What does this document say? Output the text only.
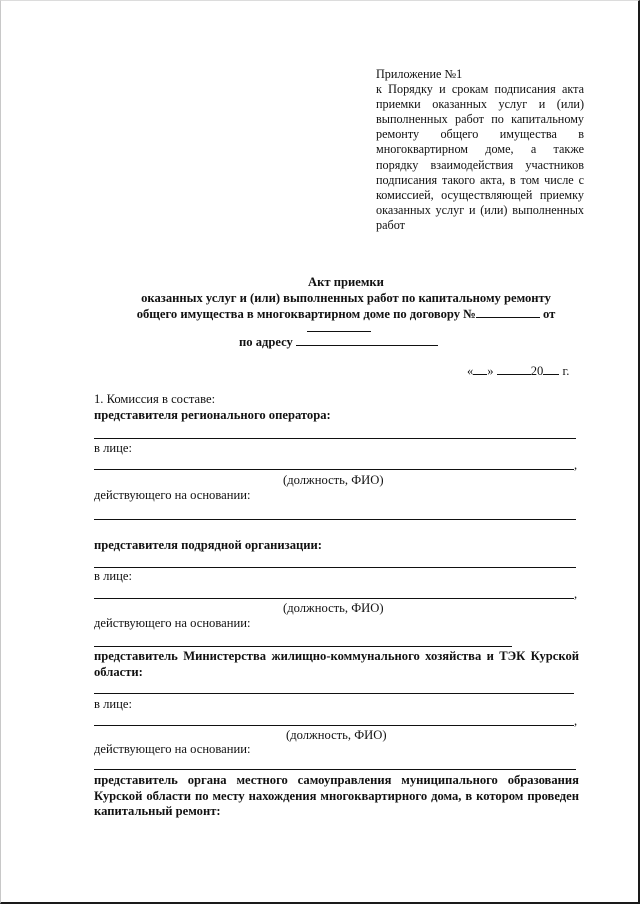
Приложение №1
к Порядку и срокам подписания акта приемки оказанных услуг и (или) выполненных работ по капитальному ремонту общего имущества в многоквартирном доме, а также порядку взаимодействия участников подписания такого акта, в том числе с комиссией, осуществляющей приемку оказанных услуг и (или) выполненных работ
Акт приемки
оказанных услуг и (или) выполненных работ по капитальному ремонту
общего имущества в многоквартирном доме по договору №	от
по адресу
« »	20 г.
1. Комиссия в составе:
представителя регионального оператора:
в лице:
,
(должность, ФИО)
действующего на основании:
представителя подрядной организации:
в лице:
,
(должность, ФИО)
действующего на основании:
представитель Министерства жилищно-коммунального хозяйства и ТЭК Курской области:
в лице:
,
(должность, ФИО)
действующего на основании:
представитель органа местного самоуправления муниципального образования Курской области по месту нахождения многоквартирного дома, в котором проведен капитальный ремонт:
